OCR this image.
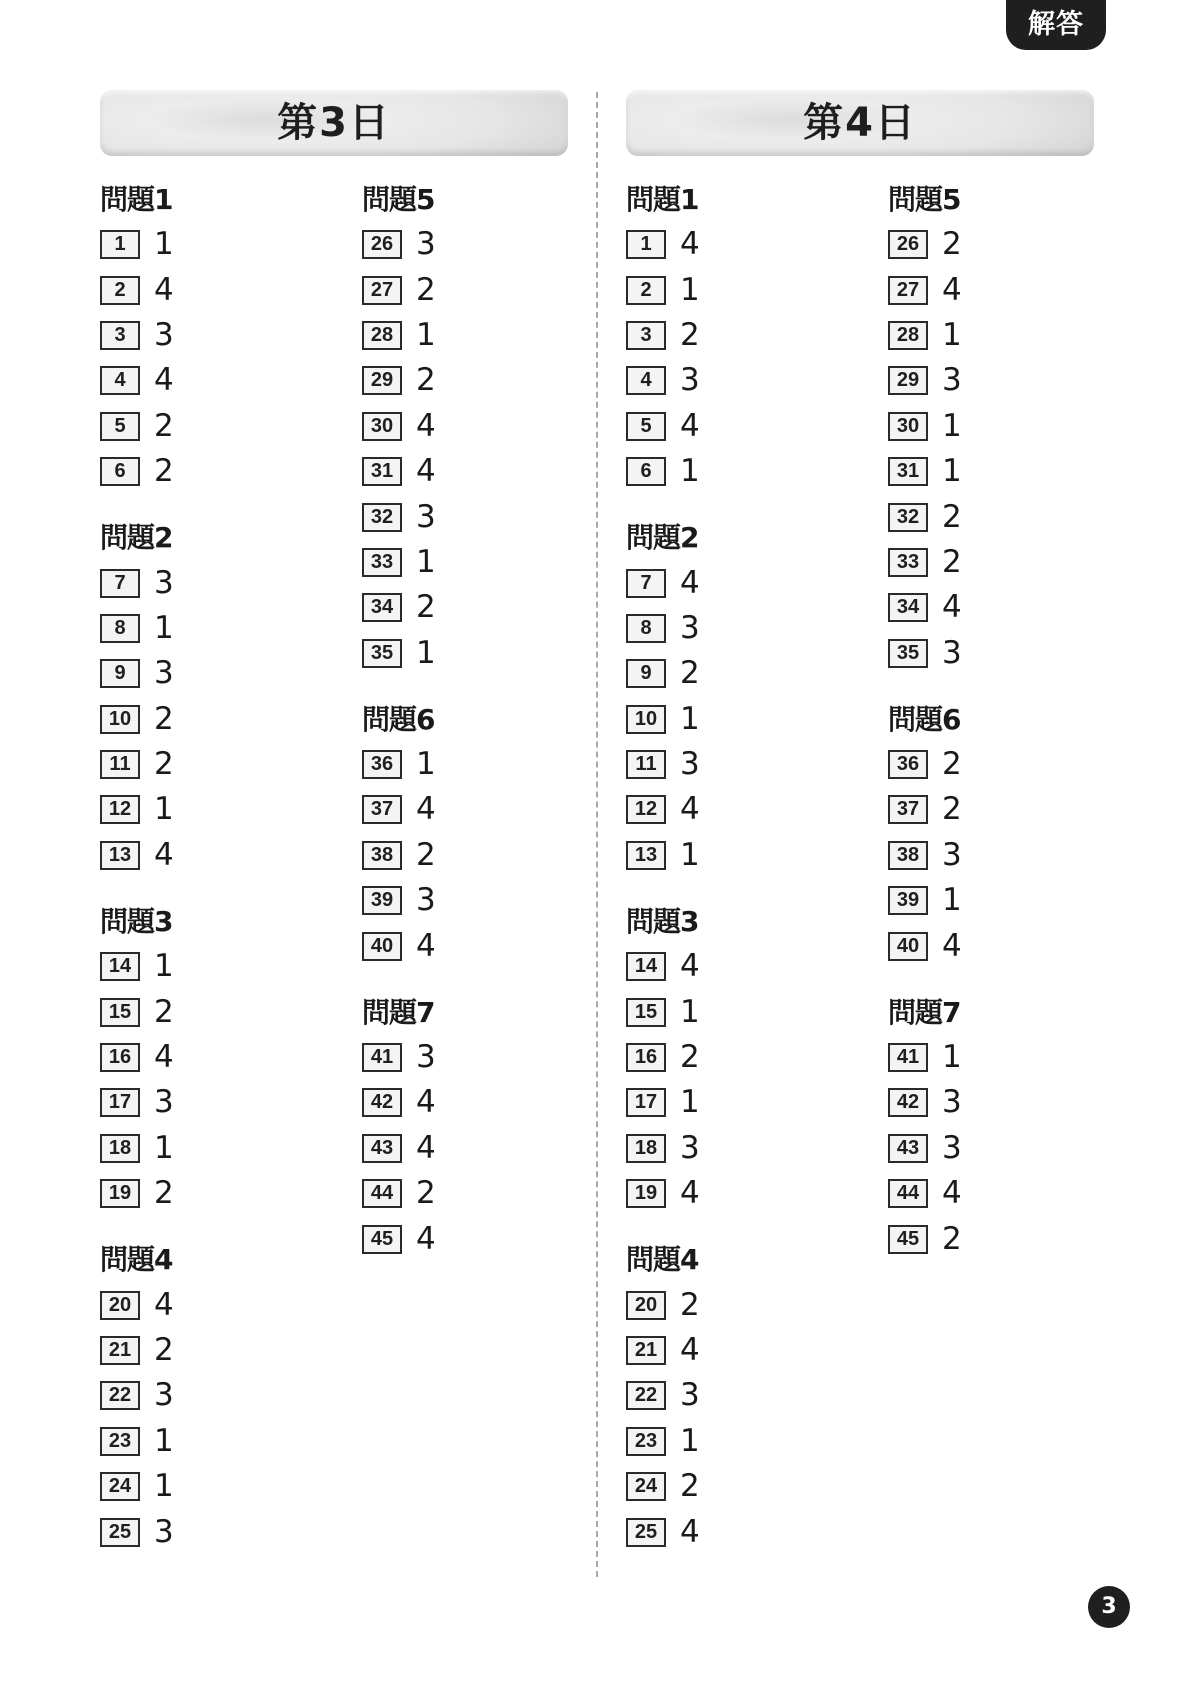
解答
第3日	第4日
問題1
1 1
2 4
3 3
4 4
5 2
6 2
問題2
7 3
8 1
9 3
10 2
11 2
12 1
13 4
問題3
14 1
15 2
16 4
17 3
18 1
19 2
問題4
20 4
21 2
22 3
23 1
24 1
25 3
問題5
26 3
27 2
28 1
29 2
30 4
31 4
32 3
33 1
34 2
35 1
問題6
36 1
37 4
38 2
39 3
40 4
問題7
41 3
42 4
43 4
44 2
45 4
問題1
1 4
2 1
3 2
4 3
5 4
6 1
問題2
7 4
8 3
9 2
10 1
11 3
12 4
13 1
問題3
14 4
15 1
16 2
17 1
18 3
19 4
問題4
20 2
21 4
22 3
23 1
24 2
25 4
問題5
26 2
27 4
28 1
29 3
30 1
31 1
32 2
33 2
34 4
35 3
問題6
36 2
37 2
38 3
39 1
40 4
問題7
41 1
42 3
43 3
44 4
45 2
3
